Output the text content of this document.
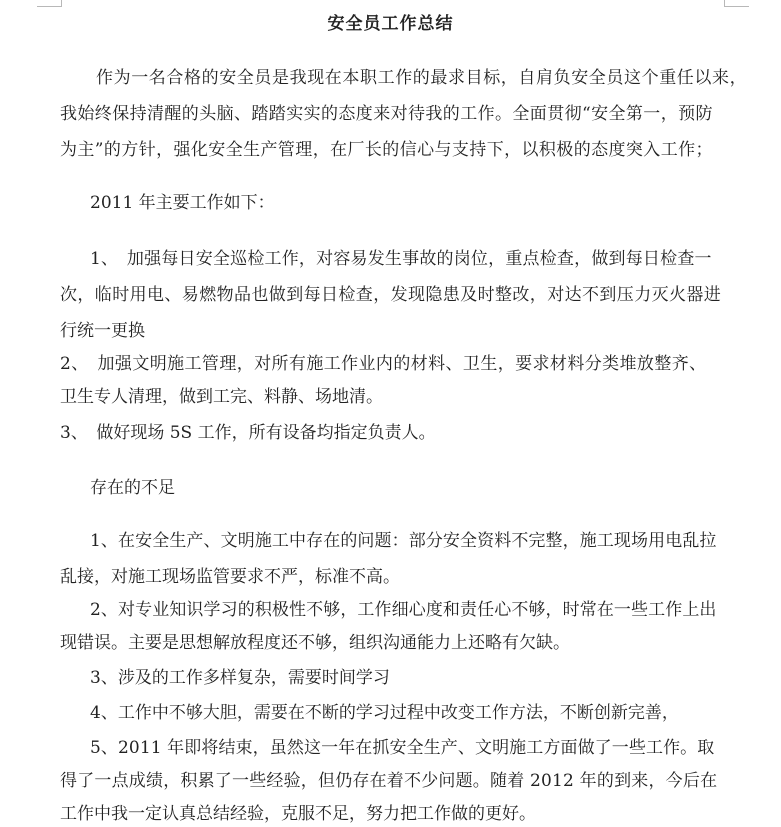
安全员工作总结
作为一名合格的安全员是我现在本职工作的最求目标，自肩负安全员这个重任以来，
我始终保持清醒的头脑、踏踏实实的态度来对待我的工作。全面贯彻“安全第一，预防
为主”的方针，强化安全生产管理，在厂长的信心与支持下，以积极的态度突入工作；
2011 年主要工作如下：
1、　加强每日安全巡检工作，对容易发生事故的岗位，重点检查，做到每日检查一
次，临时用电、易燃物品也做到每日检查，发现隐患及时整改，对达不到压力灭火器进
行统一更换
2、　加强文明施工管理，对所有施工作业内的材料、卫生，要求材料分类堆放整齐、
卫生专人清理，做到工完、料静、场地清。
3、　做好现场 5S 工作，所有设备均指定负责人。
存在的不足
1、在安全生产、文明施工中存在的问题：部分安全资料不完整，施工现场用电乱拉
乱接，对施工现场监管要求不严，标准不高。
2、对专业知识学习的积极性不够，工作细心度和责任心不够，时常在一些工作上出
现错误。主要是思想解放程度还不够，组织沟通能力上还略有欠缺。
3、涉及的工作多样复杂，需要时间学习
4、工作中不够大胆，需要在不断的学习过程中改变工作方法，不断创新完善，
5、2011 年即将结束，虽然这一年在抓安全生产、文明施工方面做了一些工作。取
得了一点成绩，积累了一些经验，但仍存在着不少问题。随着 2012 年的到来，今后在
工作中我一定认真总结经验，克服不足，努力把工作做的更好。
